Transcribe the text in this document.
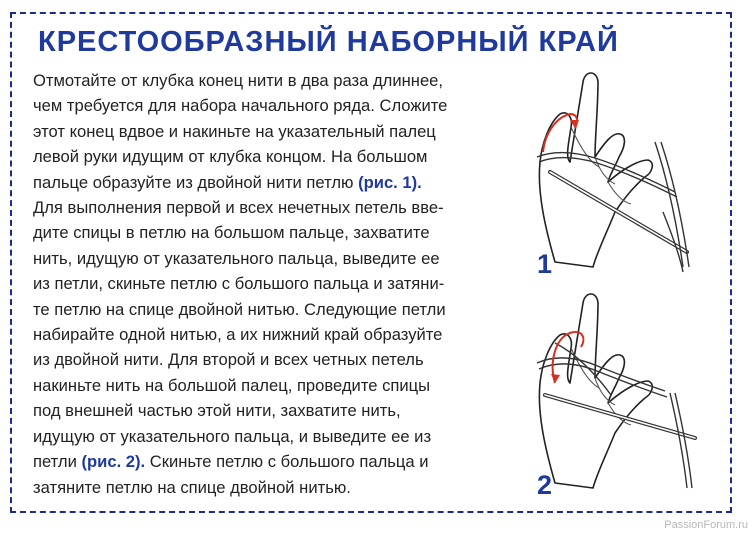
КРЕСТООБРАЗНЫЙ НАБОРНЫЙ КРАЙ
Отмотайте от клубка конец нити в два раза длиннее,
чем требуется для набора начального ряда. Сложите
этот конец вдвое и накиньте на указательный палец
левой руки идущим от клубка концом. На большом
пальце образуйте из двойной нити петлю (рис. 1).
Для выполнения первой и всех нечетных петель вве-
дите спицы в петлю на большом пальце, захватите
нить, идущую от указательного пальца, выведите ее
из петли, скиньте петлю с большого пальца и затяни-
те петлю на спице двойной нитью. Следующие петли
набирайте одной нитью, а их нижний край образуйте
из двойной нити. Для второй и всех четных петель
накиньте нить на большой палец, проведите спицы
под внешней частью этой нити, захватите нить,
идущую от указательного пальца, и выведите ее из
петли (рис. 2). Скиньте петлю с большого пальца и
затяните петлю на спице двойной нитью.
1
2
PassionForum.ru
